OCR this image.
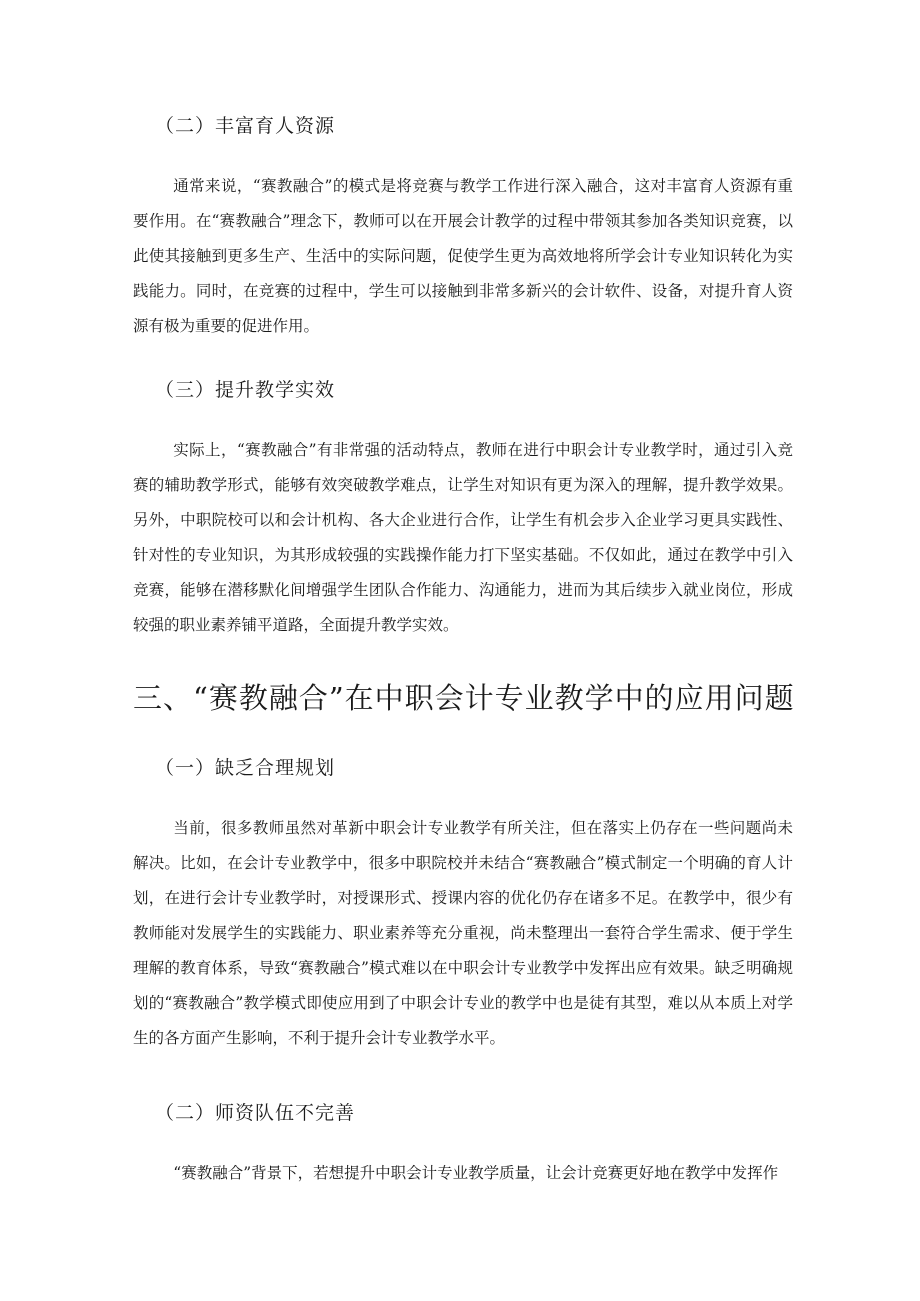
（二）丰富育人资源

通常来说，“赛教融合”的模式是将竞赛与教学工作进行深入融合，这对丰富育人资源有重要作用。在“赛教融合”理念下，教师可以在开展会计教学的过程中带领其参加各类知识竞赛，以此使其接触到更多生产、生活中的实际问题，促使学生更为高效地将所学会计专业知识转化为实践能力。同时，在竞赛的过程中，学生可以接触到非常多新兴的会计软件、设备，对提升育人资源有极为重要的促进作用。

（三）提升教学实效

实际上，“赛教融合”有非常强的活动特点，教师在进行中职会计专业教学时，通过引入竞赛的辅助教学形式，能够有效突破教学难点，让学生对知识有更为深入的理解，提升教学效果。另外，中职院校可以和会计机构、各大企业进行合作，让学生有机会步入企业学习更具实践性、针对性的专业知识，为其形成较强的实践操作能力打下坚实基础。不仅如此，通过在教学中引入竞赛，能够在潜移默化间增强学生团队合作能力、沟通能力，进而为其后续步入就业岗位，形成较强的职业素养铺平道路，全面提升教学实效。

三、“赛教融合”在中职会计专业教学中的应用问题
（一）缺乏合理规划

当前，很多教师虽然对革新中职会计专业教学有所关注，但在落实上仍存在一些问题尚未解决。比如，在会计专业教学中，很多中职院校并未结合“赛教融合”模式制定一个明确的育人计划，在进行会计专业教学时，对授课形式、授课内容的优化仍存在诸多不足。在教学中，很少有教师能对发展学生的实践能力、职业素养等充分重视，尚未整理出一套符合学生需求、便于学生理解的教育体系，导致“赛教融合”模式难以在中职会计专业教学中发挥出应有效果。缺乏明确规划的“赛教融合”教学模式即使应用到了中职会计专业的教学中也是徒有其型，难以从本质上对学生的各方面产生影响，不利于提升会计专业教学水平。

（二）师资队伍不完善

“赛教融合”背景下，若想提升中职会计专业教学质量，让会计竞赛更好地在教学中发挥作
